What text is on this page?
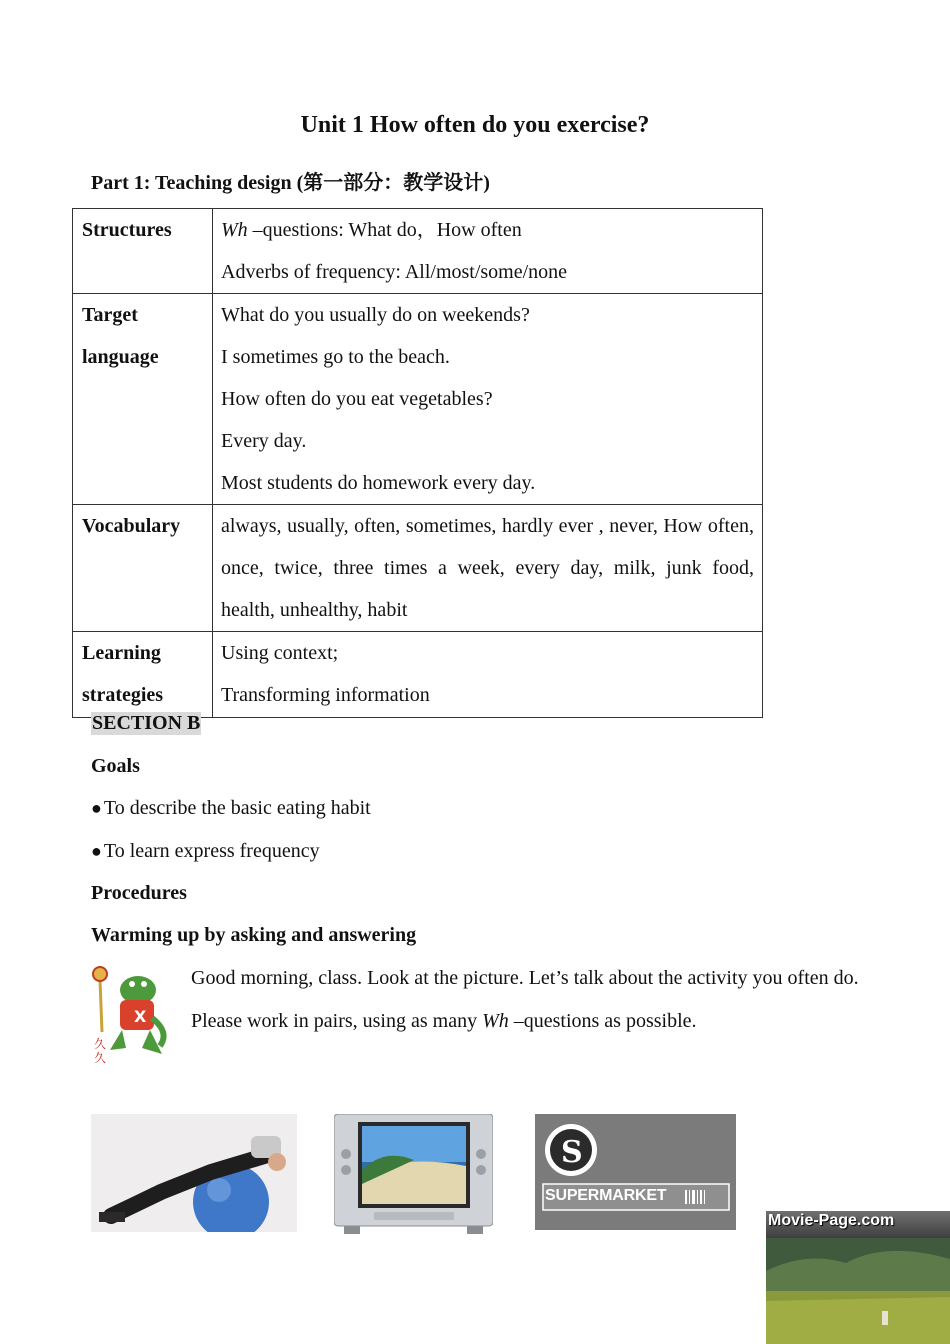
Unit 1 How often do you exercise?
Part 1: Teaching design (第一部分：教学设计)
Structures	Wh –questions: What do，How often
Adverbs of frequency: All/most/some/none

Target
language	What do you usually do on weekends?
I sometimes go to the beach.
How often do you eat vegetables?
Every day.
Most students do homework every day.

Vocabulary	always, usually, often, sometimes, hardly ever , never, How often, once, twice, three times a week, every day, milk, junk food, health, unhealthy, habit

Learning
strategies	Using context;
Transforming information
SECTION B
Goals
● To describe the basic eating habit
● To learn express frequency
Procedures
Warming up by asking and answering
X
久
久
Good morning, class. Look at the picture. Let’s talk about the activity you often do. Please work in pairs, using as many Wh –questions as possible.
S
SUPERMARKET
Movie-Page.com
